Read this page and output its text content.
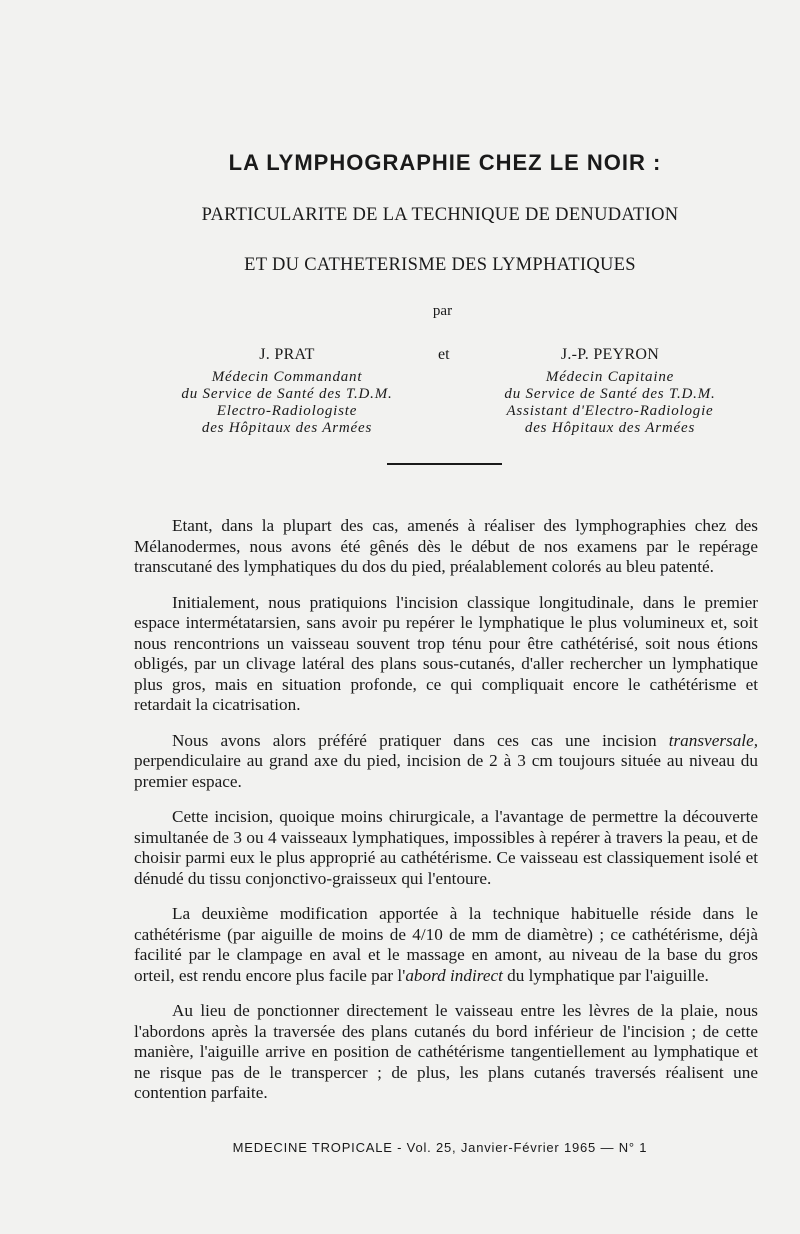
LA LYMPHOGRAPHIE CHEZ LE NOIR :
PARTICULARITE DE LA TECHNIQUE DE DENUDATION
ET DU CATHETERISME DES LYMPHATIQUES
par
J. PRAT
Médecin Commandant
du Service de Santé des T.D.M.
Electro-Radiologiste
des Hôpitaux des Armées
et	J.-P. PEYRON
Médecin Capitaine
du Service de Santé des T.D.M.
Assistant d'Electro-Radiologie
des Hôpitaux des Armées

Etant, dans la plupart des cas, amenés à réaliser des lymphographies chez des Mélanodermes, nous avons été gênés dès le début de nos examens par le repérage transcutané des lymphatiques du dos du pied, préalablement colorés au bleu patenté.

Initialement, nous pratiquions l'incision classique longitudinale, dans le premier espace intermétatarsien, sans avoir pu repérer le lymphatique le plus volumineux et, soit nous rencontrions un vaisseau souvent trop ténu pour être cathétérisé, soit nous étions obligés, par un clivage latéral des plans sous-cutanés, d'aller rechercher un lymphatique plus gros, mais en situation profonde, ce qui compliquait encore le cathétérisme et retardait la cicatrisation.

Nous avons alors préféré pratiquer dans ces cas une incision transversale, perpendiculaire au grand axe du pied, incision de 2 à 3 cm toujours située au niveau du premier espace.

Cette incision, quoique moins chirurgicale, a l'avantage de permettre la découverte simultanée de 3 ou 4 vaisseaux lymphatiques, impossibles à repérer à travers la peau, et de choisir parmi eux le plus approprié au cathétérisme. Ce vaisseau est classiquement isolé et dénudé du tissu conjonctivo-graisseux qui l'entoure.

La deuxième modification apportée à la technique habituelle réside dans le cathétérisme (par aiguille de moins de 4/10 de mm de diamètre) ; ce cathétérisme, déjà facilité par le clampage en aval et le massage en amont, au niveau de la base du gros orteil, est rendu encore plus facile par l'abord indirect du lymphatique par l'aiguille.

Au lieu de ponctionner directement le vaisseau entre les lèvres de la plaie, nous l'abordons après la traversée des plans cutanés du bord inférieur de l'incision ; de cette manière, l'aiguille arrive en position de cathétérisme tangentiellement au lymphatique et ne risque pas de le transpercer ; de plus, les plans cutanés traversés réalisent une contention parfaite.

MEDECINE TROPICALE - Vol. 25, Janvier-Février 1965 — N° 1
